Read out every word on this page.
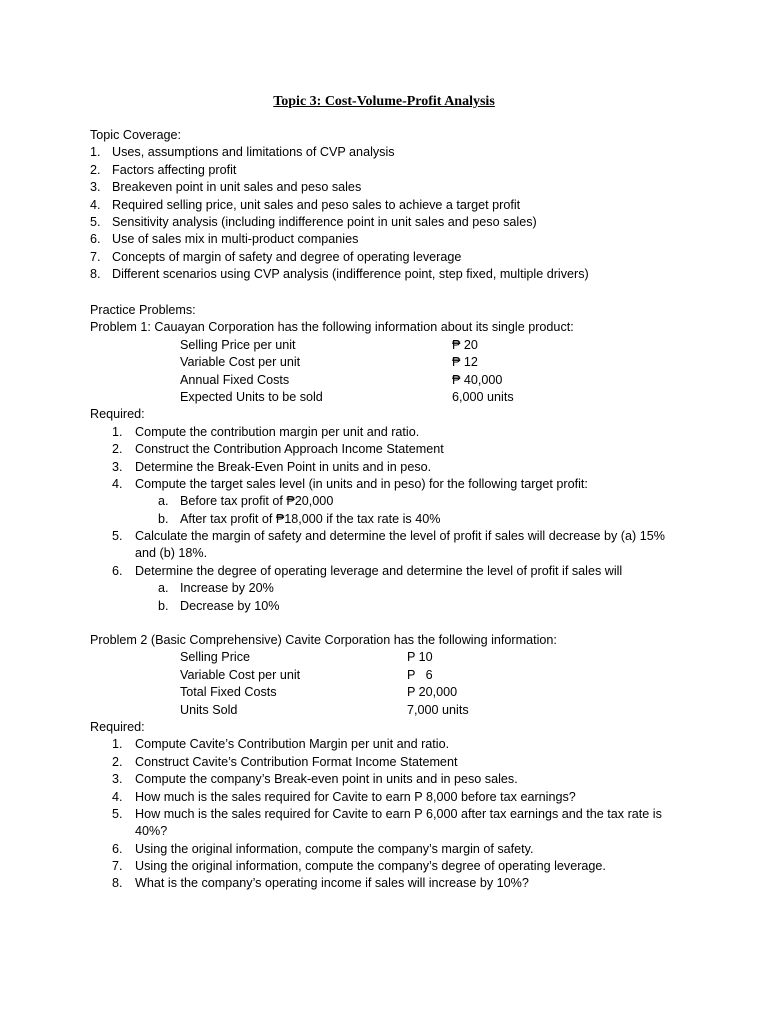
Topic 3: Cost-Volume-Profit Analysis
Topic Coverage:
1. Uses, assumptions and limitations of CVP analysis
2. Factors affecting profit
3. Breakeven point in unit sales and peso sales
4. Required selling price, unit sales and peso sales to achieve a target profit
5. Sensitivity analysis (including indifference point in unit sales and peso sales)
6. Use of sales mix in multi-product companies
7. Concepts of margin of safety and degree of operating leverage
8. Different scenarios using CVP analysis (indifference point, step fixed, multiple drivers)
Practice Problems:
Problem 1: Cauayan Corporation has the following information about its single product:
Selling Price per unit	₱ 20
Variable Cost per unit	₱ 12
Annual Fixed Costs	₱ 40,000
Expected Units to be sold	6,000 units
Required:
1. Compute the contribution margin per unit and ratio.
2. Construct the Contribution Approach Income Statement
3. Determine the Break-Even Point in units and in peso.
4. Compute the target sales level (in units and in peso) for the following target profit:
a. Before tax profit of ₱20,000
b. After tax profit of ₱18,000 if the tax rate is 40%
5. Calculate the margin of safety and determine the level of profit if sales will decrease by (a) 15% and (b) 18%.
6. Determine the degree of operating leverage and determine the level of profit if sales will
a. Increase by 20%
b. Decrease by 10%
Problem 2 (Basic Comprehensive) Cavite Corporation has the following information:
Selling Price	P 10
Variable Cost per unit	P   6
Total Fixed Costs	P 20,000
Units Sold	7,000 units
Required:
1. Compute Cavite’s Contribution Margin per unit and ratio.
2. Construct Cavite’s Contribution Format Income Statement
3. Compute the company’s Break-even point in units and in peso sales.
4. How much is the sales required for Cavite to earn P 8,000 before tax earnings?
5. How much is the sales required for Cavite to earn P 6,000 after tax earnings and the tax rate is 40%?
6. Using the original information, compute the company’s margin of safety.
7. Using the original information, compute the company’s degree of operating leverage.
8. What is the company’s operating income if sales will increase by 10%?
